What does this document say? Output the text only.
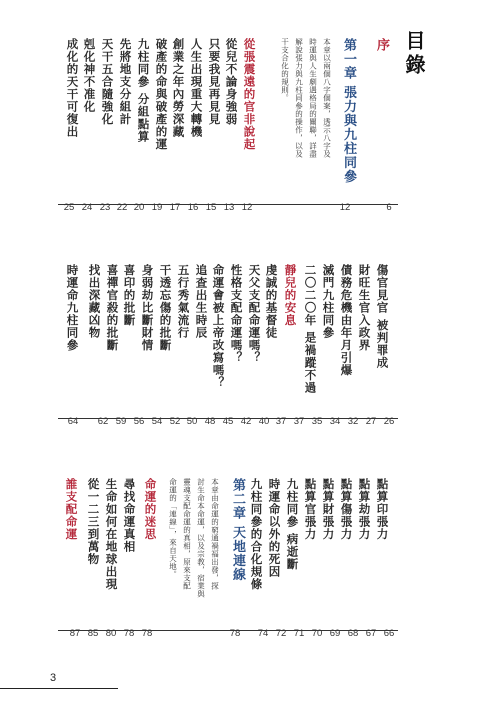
目錄
序
第一章 張力與九柱同參
本章以兩個八字個案，透示八字及
時運與人生劇遇格局的關聯，詳盡
解說張力與九柱同參的操作，以及
干支合化的規則。
從張震遠的官非說起
從兒不論身強弱
只要我見再見見
人生出現重大轉機
創業之年內勞深藏
破產的命與破產的運
九柱同參 分組點算
先將地支分組計
天干五合隨強化
剋化神不准化
成化的天干可復出
6
12
12
13
15
16
17
19
20
22
23
24
25
傷官見官 被判罪成
財旺生官入政界
債務危機由年月引爆
滅門九柱同參
二〇二〇年 是禍蹤不過
靜兒的安息
虔誠的基督徒
天父支配命運嗎？
性格支配命運嗎？
命運會被上帝改寫嗎？
追查出生時辰
五行秀氣流行
干透忘傷的批斷
身弱劫比斷財情
喜印的批斷
喜禪官殺的批斷
找出深藏凶物
時運命九柱同參
26
27
32
34
35
37
37
40
42
45
48
50
52
54
56
59
62
64
點算印張力
點算劫張力
點算傷張力
點算財張力
點算官張力
九柱同參 病逝斷
時運命以外的死因
九柱同參的合化規條
第二章 天地連線
本章由命運的窮通禍福出發，探
討生命本命運，以及宗教，宿業與
靈魂支配命運的真相，原來支配
命運的「連線」，來自天地。
命運的迷思
尋找命運真相
生命如何在地球出現
從一二三到萬物
誰支配命運
66
67
68
69
70
71
72
74
78
78
78
80
85
87
3
